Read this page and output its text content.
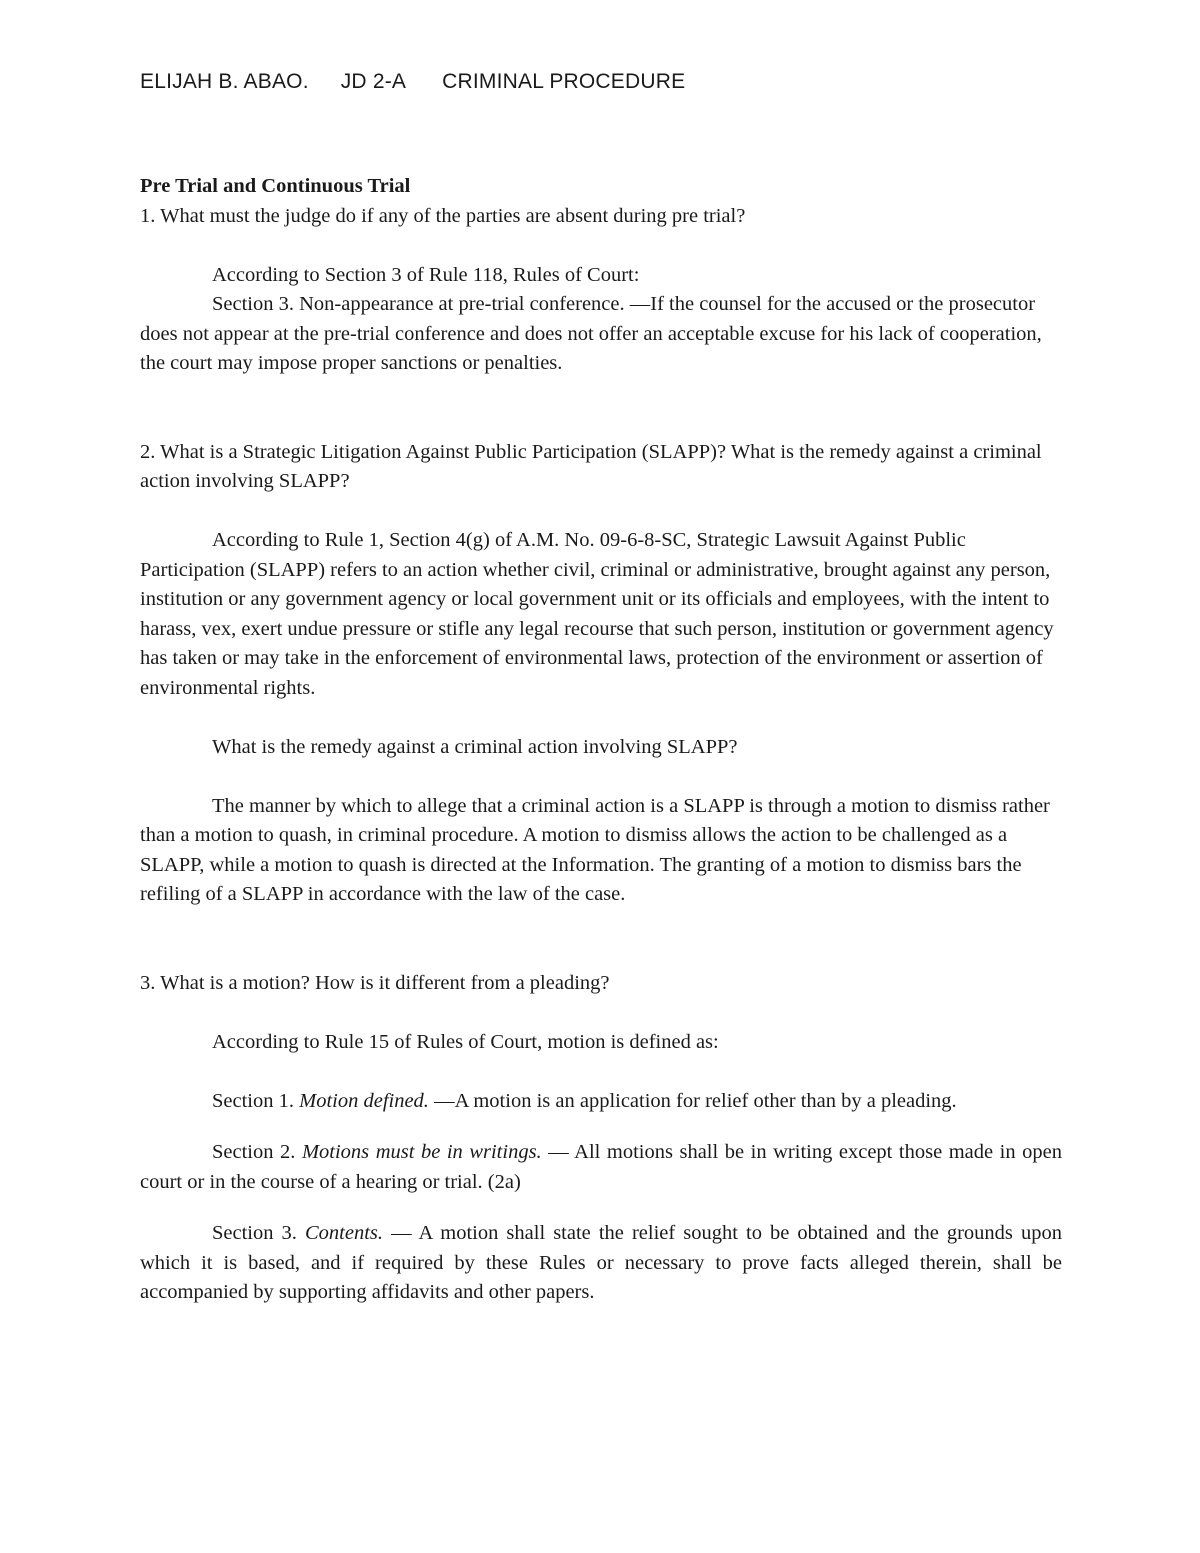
ELIJAH B. ABAO. JD 2-A CRIMINAL PROCEDURE

Pre Trial and Continuous Trial

1. What must the judge do if any of the parties are absent during pre trial?

According to Section 3 of Rule 118, Rules of Court:

Section 3. Non-appearance at pre-trial conference. —If the counsel for the accused or the prosecutor does not appear at the pre-trial conference and does not offer an acceptable excuse for his lack of cooperation, the court may impose proper sanctions or penalties.

2. What is a Strategic Litigation Against Public Participation (SLAPP)? What is the remedy against a criminal action involving SLAPP?

According to Rule 1, Section 4(g) of A.M. No. 09-6-8-SC, Strategic Lawsuit Against Public Participation (SLAPP) refers to an action whether civil, criminal or administrative, brought against any person, institution or any government agency or local government unit or its officials and employees, with the intent to harass, vex, exert undue pressure or stifle any legal recourse that such person, institution or government agency has taken or may take in the enforcement of environmental laws, protection of the environment or assertion of environmental rights.

What is the remedy against a criminal action involving SLAPP?

The manner by which to allege that a criminal action is a SLAPP is through a motion to dismiss rather than a motion to quash, in criminal procedure. A motion to dismiss allows the action to be challenged as a SLAPP, while a motion to quash is directed at the Information. The granting of a motion to dismiss bars the refiling of a SLAPP in accordance with the law of the case.

3. What is a motion? How is it different from a pleading?

According to Rule 15 of Rules of Court, motion is defined as:

Section 1. Motion defined. —A motion is an application for relief other than by a pleading.

Section 2. Motions must be in writings. — All motions shall be in writing except those made in open court or in the course of a hearing or trial. (2a)

Section 3. Contents. — A motion shall state the relief sought to be obtained and the grounds upon which it is based, and if required by these Rules or necessary to prove facts alleged therein, shall be accompanied by supporting affidavits and other papers.
